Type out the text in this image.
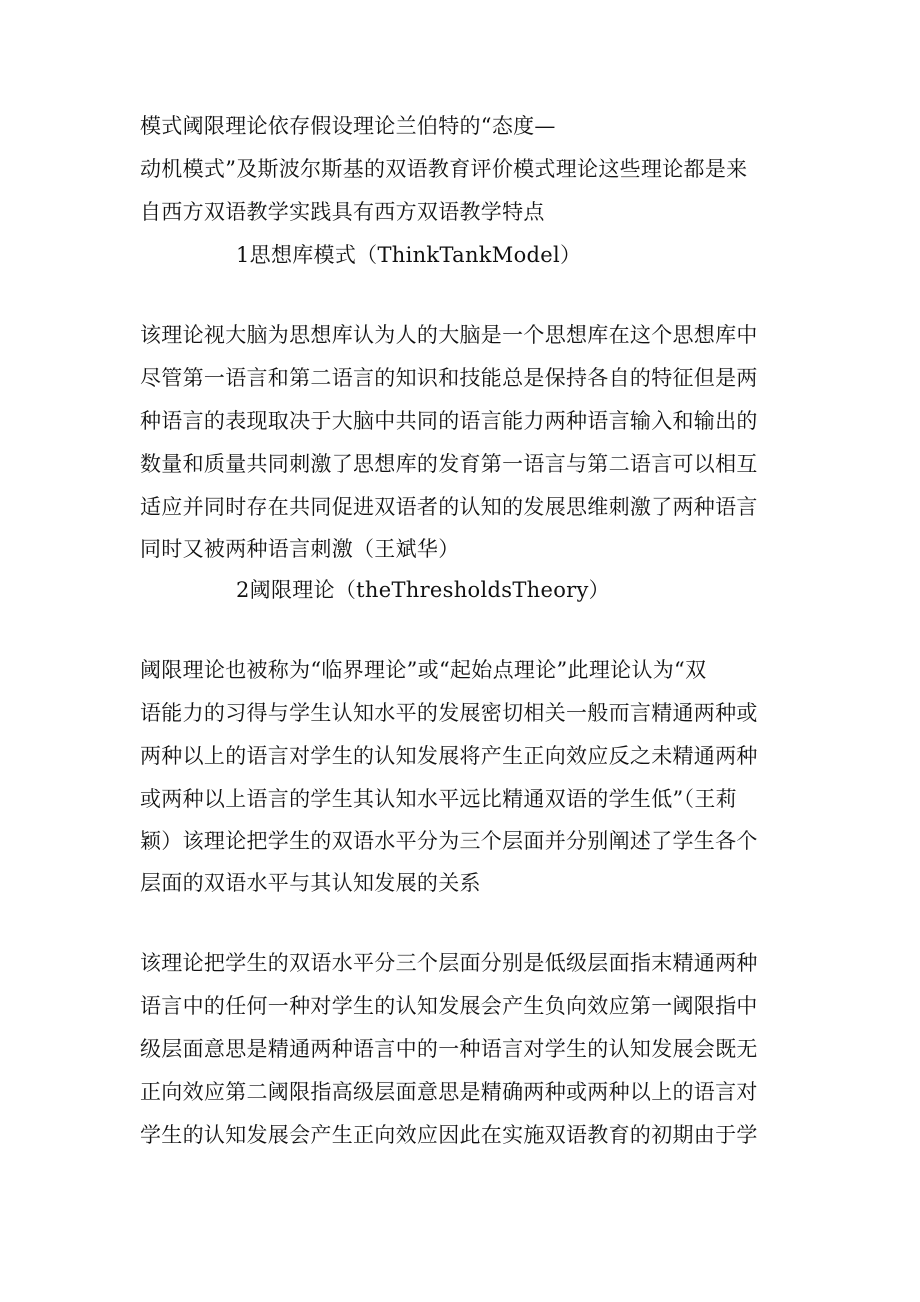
模式阈限理论依存假设理论兰伯特的“态度—
动机模式”及斯波尔斯基的双语教育评价模式理论这些理论都是来
自西方双语教学实践具有西方双语教学特点
1思想库模式（ThinkTankModel）
该理论视大脑为思想库认为人的大脑是一个思想库在这个思想库中
尽管第一语言和第二语言的知识和技能总是保持各自的特征但是两
种语言的表现取决于大脑中共同的语言能力两种语言输入和输出的
数量和质量共同刺激了思想库的发育第一语言与第二语言可以相互
适应并同时存在共同促进双语者的认知的发展思维刺激了两种语言
同时又被两种语言刺激（王斌华）
2阈限理论（theThresholdsTheory）
阈限理论也被称为“临界理论”或“起始点理论”此理论认为“双
语能力的习得与学生认知水平的发展密切相关一般而言精通两种或
两种以上的语言对学生的认知发展将产生正向效应反之未精通两种
或两种以上语言的学生其认知水平远比精通双语的学生低”（王莉
颖）该理论把学生的双语水平分为三个层面并分别阐述了学生各个
层面的双语水平与其认知发展的关系
该理论把学生的双语水平分三个层面分别是低级层面指末精通两种
语言中的任何一种对学生的认知发展会产生负向效应第一阈限指中
级层面意思是精通两种语言中的一种语言对学生的认知发展会既无
正向效应第二阈限指高级层面意思是精确两种或两种以上的语言对
学生的认知发展会产生正向效应因此在实施双语教育的初期由于学
